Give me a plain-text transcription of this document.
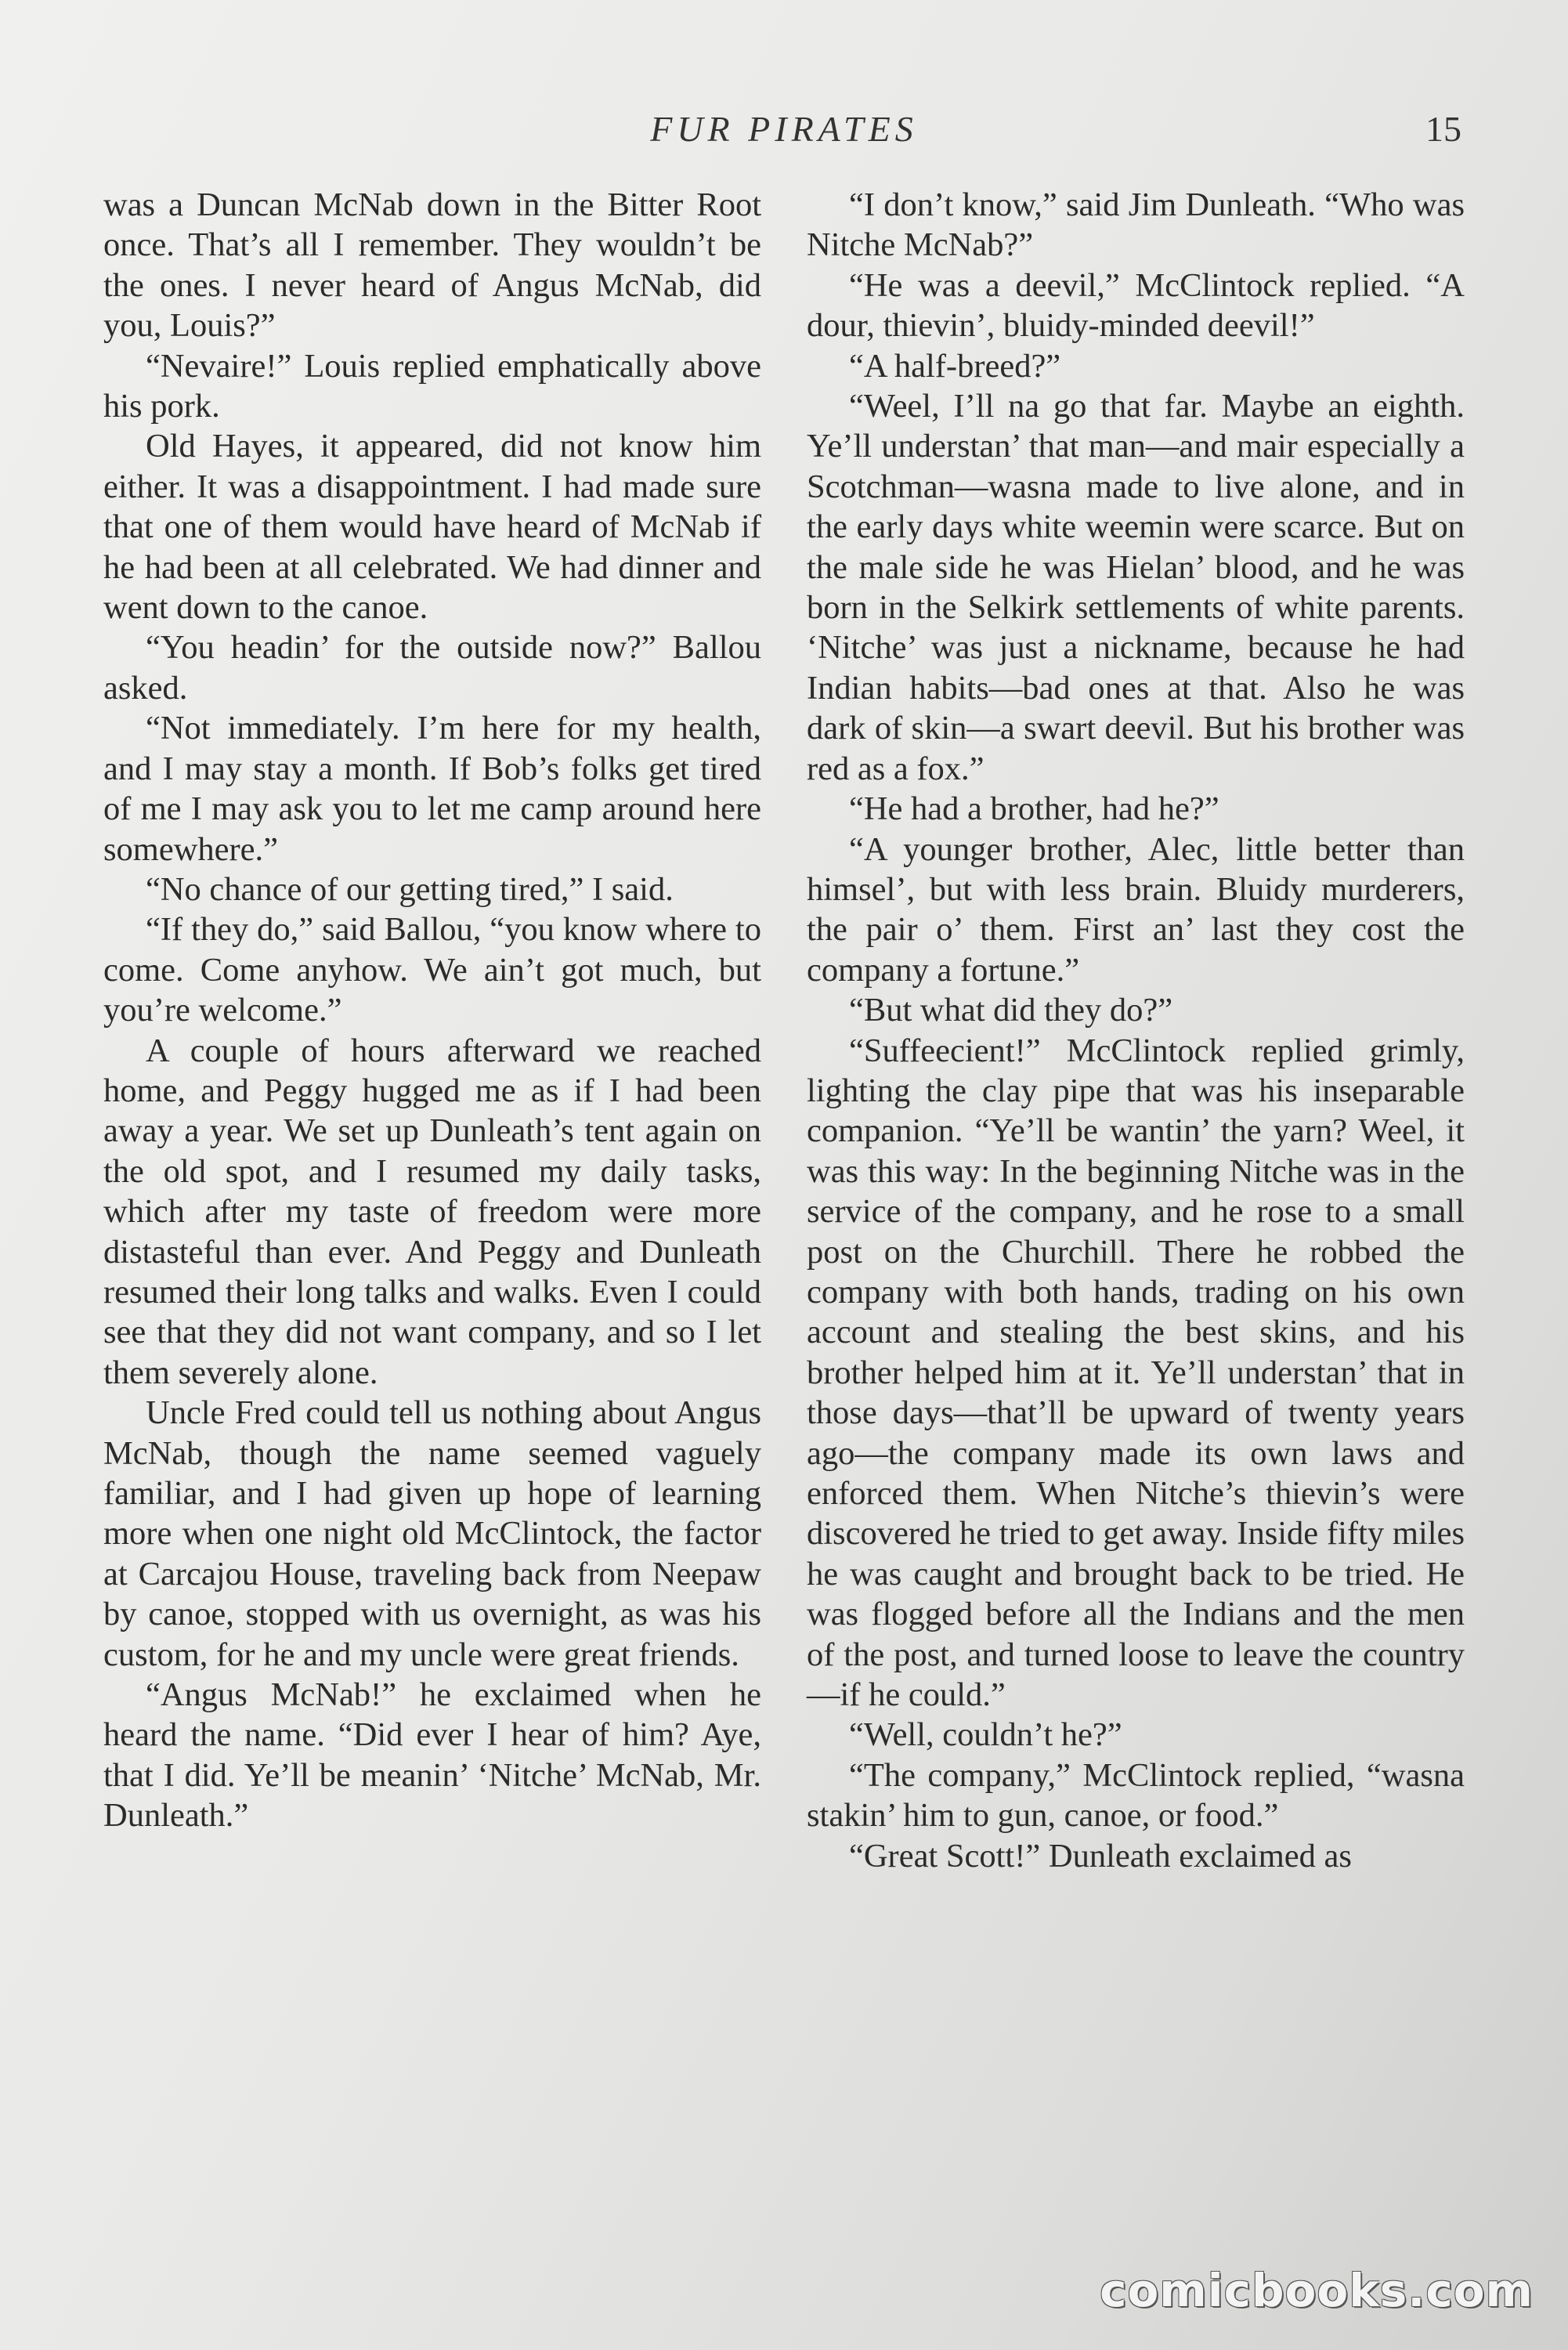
FUR PIRATES	15

was a Duncan McNab down in the Bitter Root once. That’s all I remember. They wouldn’t be the ones. I never heard of Angus McNab, did you, Louis?”

“Nevaire!” Louis replied emphatically above his pork.

Old Hayes, it appeared, did not know him either. It was a disappointment. I had made sure that one of them would have heard of McNab if he had been at all celebrated. We had dinner and went down to the canoe.

“You headin’ for the outside now?” Ballou asked.

“Not immediately. I’m here for my health, and I may stay a month. If Bob’s folks get tired of me I may ask you to let me camp around here somewhere.”

“No chance of our getting tired,” I said.

“If they do,” said Ballou, “you know where to come. Come anyhow. We ain’t got much, but you’re welcome.”

A couple of hours afterward we reached home, and Peggy hugged me as if I had been away a year. We set up Dunleath’s tent again on the old spot, and I resumed my daily tasks, which after my taste of freedom were more distasteful than ever. And Peggy and Dunleath resumed their long talks and walks. Even I could see that they did not want company, and so I let them severely alone.

Uncle Fred could tell us nothing about Angus McNab, though the name seemed vaguely familiar, and I had given up hope of learning more when one night old McClintock, the factor at Carcajou House, traveling back from Neepaw by canoe, stopped with us overnight, as was his custom, for he and my uncle were great friends.

“Angus McNab!” he exclaimed when he heard the name. “Did ever I hear of him? Aye, that I did. Ye’ll be meanin’ ‘Nitche’ McNab, Mr. Dunleath.”

“I don’t know,” said Jim Dunleath. “Who was Nitche McNab?”

“He was a deevil,” McClintock replied. “A dour, thievin’, bluidy-minded deevil!”

“A half-breed?”

“Weel, I’ll na go that far. Maybe an eighth. Ye’ll understan’ that man—and mair especially a Scotchman—wasna made to live alone, and in the early days white weemin were scarce. But on the male side he was Hielan’ blood, and he was born in the Selkirk settlements of white parents. ‘Nitche’ was just a nickname, because he had Indian habits—bad ones at that. Also he was dark of skin—a swart deevil. But his brother was red as a fox.”

“He had a brother, had he?”

“A younger brother, Alec, little better than himsel’, but with less brain. Bluidy murderers, the pair o’ them. First an’ last they cost the company a fortune.”

“But what did they do?”

“Suffeecient!” McClintock replied grimly, lighting the clay pipe that was his inseparable companion. “Ye’ll be wantin’ the yarn? Weel, it was this way: In the beginning Nitche was in the service of the company, and he rose to a small post on the Churchill. There he robbed the company with both hands, trading on his own account and stealing the best skins, and his brother helped him at it. Ye’ll understan’ that in those days—that’ll be upward of twenty years ago—the company made its own laws and enforced them. When Nitche’s thievin’s were discovered he tried to get away. Inside fifty miles he was caught and brought back to be tried. He was flogged before all the Indians and the men of the post, and turned loose to leave the country—if he could.”

“Well, couldn’t he?”

“The company,” McClintock replied, “wasna stakin’ him to gun, canoe, or food.”

“Great Scott!” Dunleath exclaimed as

comicbooks.com
